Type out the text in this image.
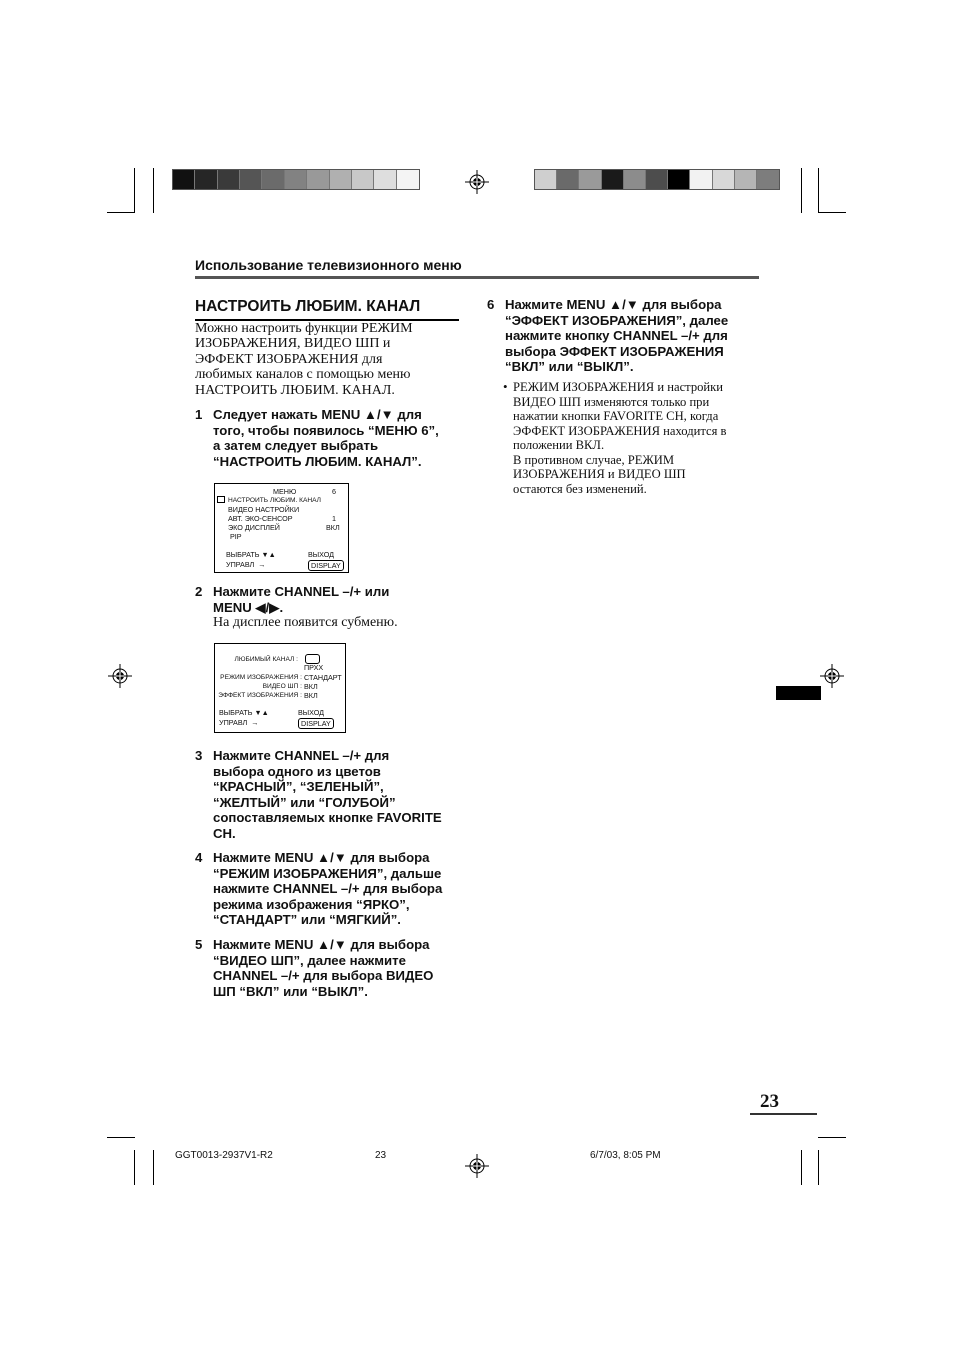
Использование телевизионного меню
НАСТРОИТЬ ЛЮБИМ. КАНАЛ
Можно настроить функции РЕЖИМ
ИЗОБРАЖЕНИЯ, ВИДЕО ШП и
ЭФФЕКТ ИЗОБРАЖЕНИЯ для
любимых каналов с помощью меню
НАСТРОИТЬ ЛЮБИМ. КАНАЛ.
1 Следует нажать MENU ▲/▼ для
того, чтобы появилось “МЕНЮ 6”,
а затем следует выбрать
“НАСТРОИТЬ ЛЮБИМ. КАНАЛ”.
МЕНЮ	6
НАСТРОИТЬ ЛЮБИМ. КАНАЛ
ВИДЕО НАСТРОЙКИ
АВТ. ЭКО-СЕНСОР	1
ЭКО ДИСПЛЕЙ	ВКЛ
PIP
ВЫБРАТЬ ▼▲	ВЫХОД
УПРАВЛ  →	DISPLAY
2 Нажмите CHANNEL –/+ или
MENU ◀/▶.
На дисплее появится субменю.
ЛЮБИМЫЙ КАНАЛ :
ПРХХ
РЕЖИМ ИЗОБРАЖЕНИЯ : СТАНДАРТ
ВИДЕО ШП : ВКЛ
ЭФФЕКТ ИЗОБРАЖЕНИЯ : ВКЛ
ВЫБРАТЬ ▼▲	ВЫХОД
УПРАВЛ  →	DISPLAY
3 Нажмите CHANNEL –/+ для
выбора одного из цветов
“КРАСНЫЙ”, “ЗЕЛЕНЫЙ”,
“ЖЕЛТЫЙ” или “ГОЛУБОЙ”
сопоставляемых кнопке FAVORITE
CH.
4 Нажмите MENU ▲/▼ для выбора
“РЕЖИМ ИЗОБРАЖЕНИЯ”, дальше
нажмите CHANNEL –/+ для выбора
режима изображения “ЯРКО”,
“СТАНДАРТ” или “МЯГКИЙ”.
5 Нажмите MENU ▲/▼ для выбора
“ВИДЕО ШП”, далее нажмите
CHANNEL –/+ для выбора ВИДЕО
ШП “ВКЛ” или “ВЫКЛ”.
6 Нажмите MENU ▲/▼ для выбора
“ЭФФЕКТ ИЗОБРАЖЕНИЯ”, далее
нажмите кнопку CHANNEL –/+ для
выбора ЭФФЕКТ ИЗОБРАЖЕНИЯ
“ВКЛ” или “ВЫКЛ”.
• РЕЖИМ ИЗОБРАЖЕНИЯ и настройки
ВИДЕО ШП изменяются только при
нажатии кнопки FAVORITE CH, когда
ЭФФЕКТ ИЗОБРАЖЕНИЯ находится в
положении ВКЛ.
В противном случае, РЕЖИМ
ИЗОБРАЖЕНИЯ и ВИДЕО ШП
остаются без изменений.
23
GGT0013-2937V1-R2	23	6/7/03, 8:05 PM
